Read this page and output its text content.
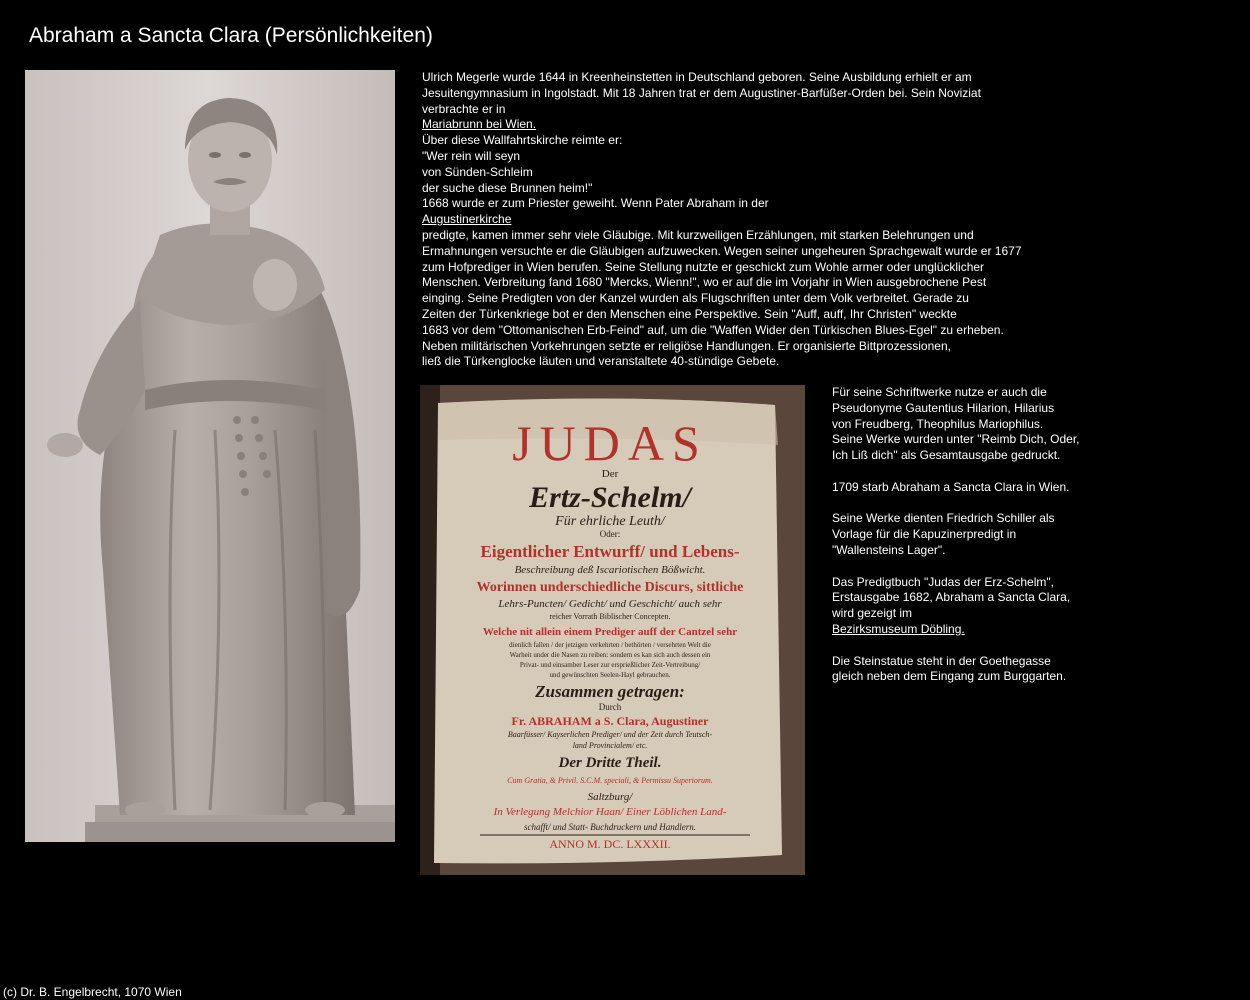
Abraham a Sancta Clara (Persönlichkeiten)
Ulrich Megerle wurde 1644 in Kreenheinstetten in Deutschland geboren. Seine Ausbildung erhielt er am
Jesuitengymnasium in Ingolstadt. Mit 18 Jahren trat er dem Augustiner-Barfüßer-Orden bei. Sein Noviziat
verbrachte er in
Mariabrunn bei Wien.
Über diese Wallfahrtskirche reimte er:
"Wer rein will seyn
von Sünden-Schleim
der suche diese Brunnen heim!"
1668 wurde er zum Priester geweiht. Wenn Pater Abraham in der
Augustinerkirche
predigte, kamen immer sehr viele Gläubige. Mit kurzweiligen Erzählungen, mit starken Belehrungen und
Ermahnungen versuchte er die Gläubigen aufzuwecken. Wegen seiner ungeheuren Sprachgewalt wurde er 1677
zum Hofprediger in Wien berufen. Seine Stellung nutzte er geschickt zum Wohle armer oder unglücklicher
Menschen. Verbreitung fand 1680 "Mercks, Wienn!", wo er auf die im Vorjahr in Wien ausgebrochene Pest
einging. Seine Predigten von der Kanzel wurden als Flugschriften unter dem Volk verbreitet. Gerade zu
Zeiten der Türkenkriege bot er den Menschen eine Perspektive. Sein "Auff, auff, Ihr Christen" weckte
1683 vor dem "Ottomanischen Erb-Feind" auf, um die "Waffen Wider den Türkischen Blues-Egel" zu erheben.
Neben militärischen Vorkehrungen setzte er religiöse Handlungen. Er organisierte Bittprozessionen,
ließ die Türkenglocke läuten und veranstaltete 40-stündige Gebete.
JUDAS
Der
Ertz-Schelm/
Für ehrliche Leuth/
Oder:
Eigentlicher Entwurff/ und Lebens-
Beschreibung deß Iscariotischen Bößwicht.
Worinnen underschiedliche Discurs, sittliche
Lehrs-Puncten/ Gedicht/ und Geschicht/ auch sehr
reicher Vorrath Biblischer Concepten.
Welche nit allein einem Prediger auff der Cantzel sehr
dienlich fallen / der jetzigen verkehrten / bethörten / versehrten Welt die
Warheit under die Nasen zu reiben: sondern es kan sich auch dessen ein
Privat- und einsamber Leser zur ersprießlicher Zeit-Vertreibung/
und gewünschten Seelen-Hayl gebrauchen.
Zusammen getragen:
Durch
Fr. ABRAHAM a S. Clara, Augustiner
Baarfüsser/ Kayserlichen Prediger/ und der Zeit durch Teutsch-
land Provincialem/ etc.
Der Dritte Theil.
Cum Gratia, & Privil. S.C.M. speciali, & Permissu Superiorum.
Saltzburg/
In Verlegung Melchior Haan/ Einer Löblichen Land-
schafft/ und Statt- Buchdruckern und Handlern.
ANNO M. DC. LXXXII.

Für seine Schriftwerke nutze er auch die
Pseudonyme Gautentius Hilarion, Hilarius
von Freudberg, Theophilus Mariophilus.
Seine Werke wurden unter "Reimb Dich, Oder,
Ich Liß dich" als Gesamtausgabe gedruckt.

1709 starb Abraham a Sancta Clara in Wien.

Seine Werke dienten Friedrich Schiller als
Vorlage für die Kapuzinerpredigt in
"Wallensteins Lager".

Das Predigtbuch "Judas der Erz-Schelm",
Erstausgabe 1682, Abraham a Sancta Clara,
wird gezeigt im
Bezirksmuseum Döbling.

Die Steinstatue steht in der Goethegasse
gleich neben dem Eingang zum Burggarten.

(c) Dr. B. Engelbrecht, 1070 Wien
